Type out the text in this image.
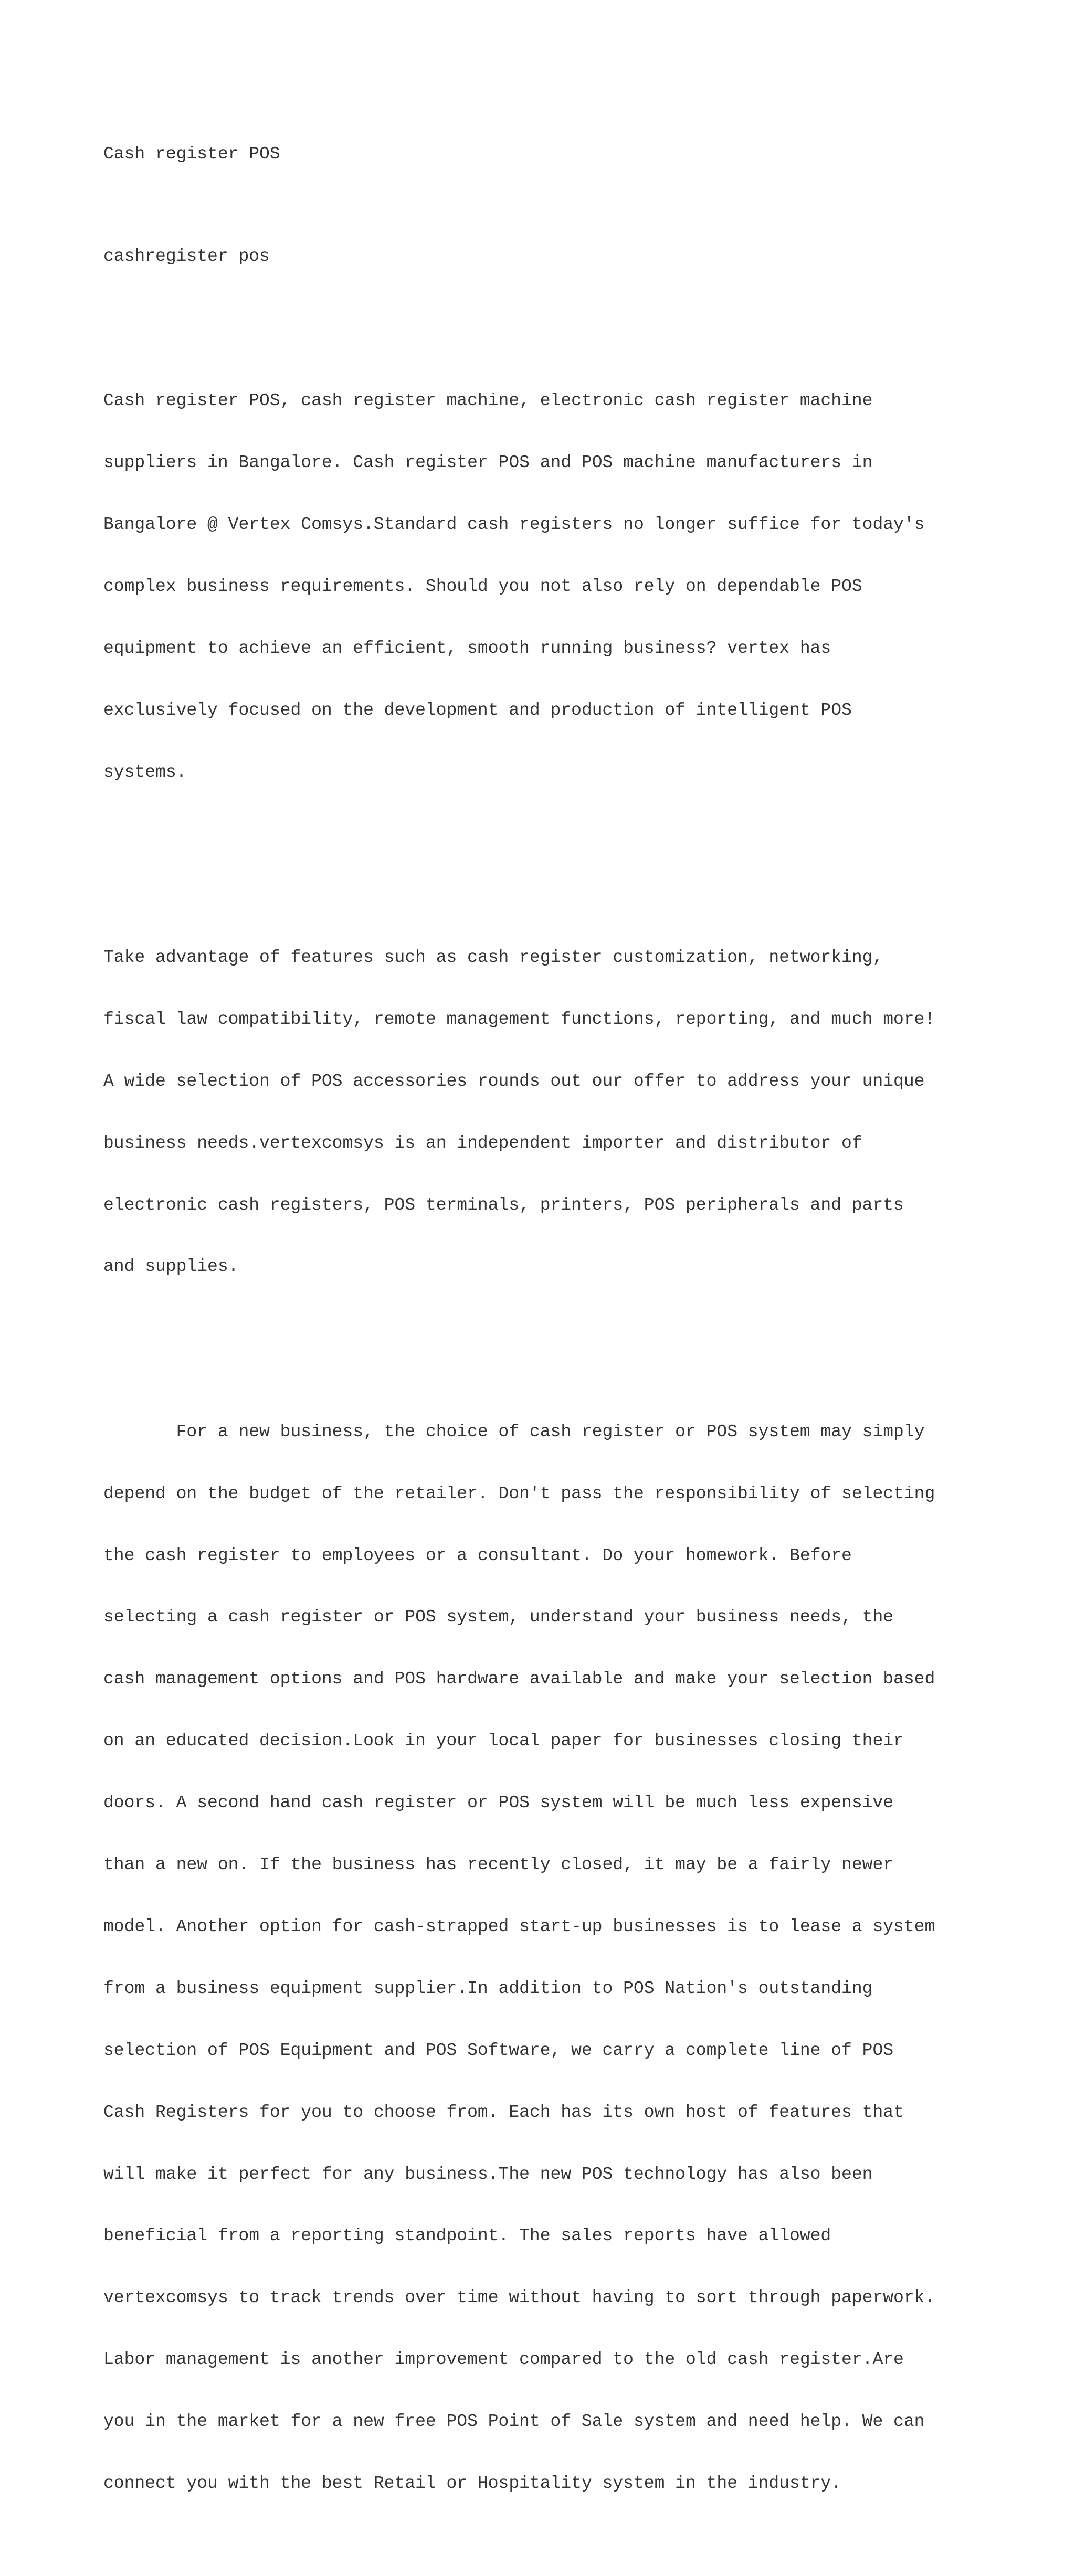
Cash register POS

cashregister pos

Cash register POS, cash register machine, electronic cash register machine

suppliers in Bangalore. Cash register POS and POS machine manufacturers in

Bangalore @ Vertex Comsys.Standard cash registers no longer suffice for today's

complex business requirements. Should you not also rely on dependable POS

equipment to achieve an efficient, smooth running business? vertex has

exclusively focused on the development and production of intelligent POS

systems.

Take advantage of features such as cash register customization, networking,

fiscal law compatibility, remote management functions, reporting, and much more!

A wide selection of POS accessories rounds out our offer to address your unique

business needs.vertexcomsys is an independent importer and distributor of

electronic cash registers, POS terminals, printers, POS peripherals and parts

and supplies.

For a new business, the choice of cash register or POS system may simply

depend on the budget of the retailer. Don't pass the responsibility of selecting

the cash register to employees or a consultant. Do your homework. Before

selecting a cash register or POS system, understand your business needs, the

cash management options and POS hardware available and make your selection based

on an educated decision.Look in your local paper for businesses closing their

doors. A second hand cash register or POS system will be much less expensive

than a new on. If the business has recently closed, it may be a fairly newer

model. Another option for cash-strapped start-up businesses is to lease a system

from a business equipment supplier.In addition to POS Nation's outstanding

selection of POS Equipment and POS Software, we carry a complete line of POS

Cash Registers for you to choose from. Each has its own host of features that

will make it perfect for any business.The new POS technology has also been

beneficial from a reporting standpoint. The sales reports have allowed

vertexcomsys to track trends over time without having to sort through paperwork.

Labor management is another improvement compared to the old cash register.Are

you in the market for a new free POS Point of Sale system and need help. We can

connect you with the best Retail or Hospitality system in the industry.
